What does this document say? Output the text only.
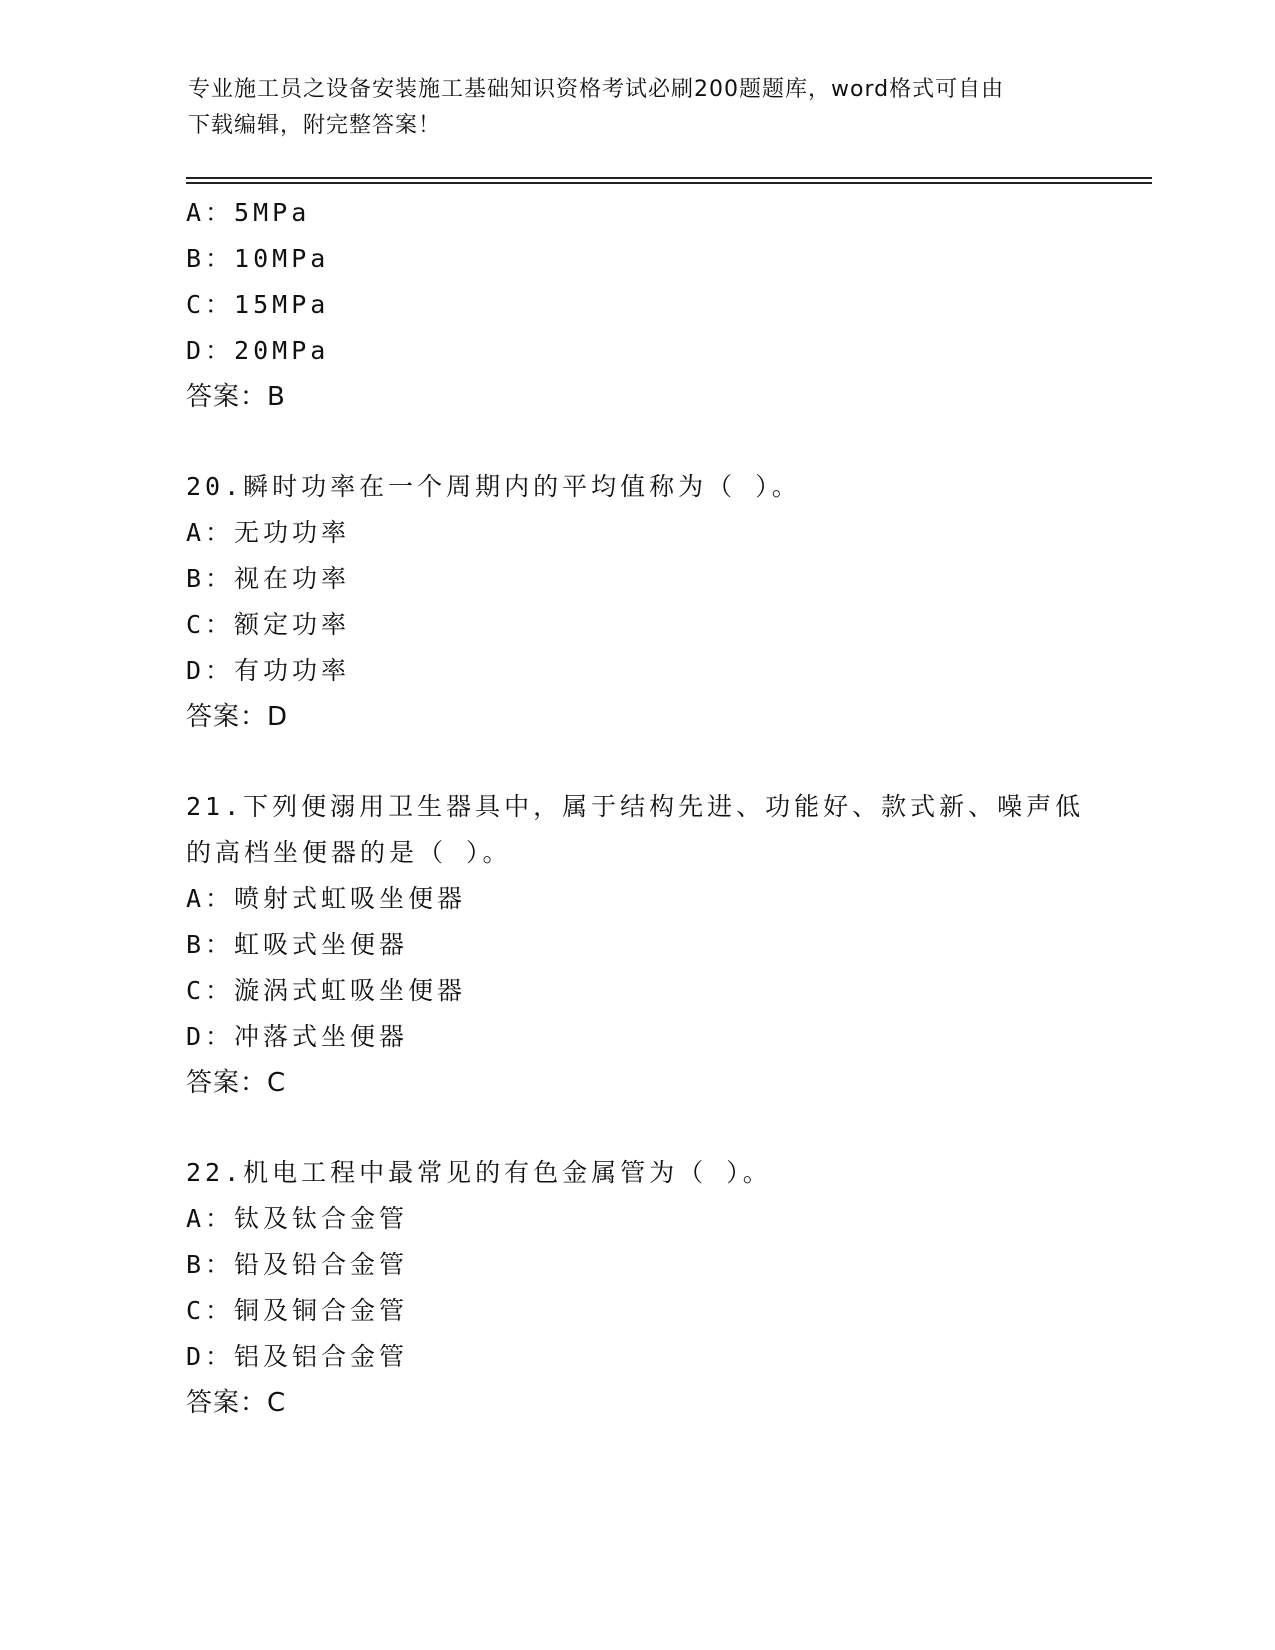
专业施工员之设备安装施工基础知识资格考试必刷200题题库，word格式可自由
下载编辑，附完整答案！
A：5MPa
B：10MPa
C：15MPa
D：20MPa
答案：B
20.瞬时功率在一个周期内的平均值称为（ ）。
A：无功功率
B：视在功率
C：额定功率
D：有功功率
答案：D
21.下列便溺用卫生器具中，属于结构先进、功能好、款式新、噪声低
的高档坐便器的是（ ）。
A：喷射式虹吸坐便器
B：虹吸式坐便器
C：漩涡式虹吸坐便器
D：冲落式坐便器
答案：C
22.机电工程中最常见的有色金属管为（ ）。
A：钛及钛合金管
B：铅及铅合金管
C：铜及铜合金管
D：铝及铝合金管
答案：C
